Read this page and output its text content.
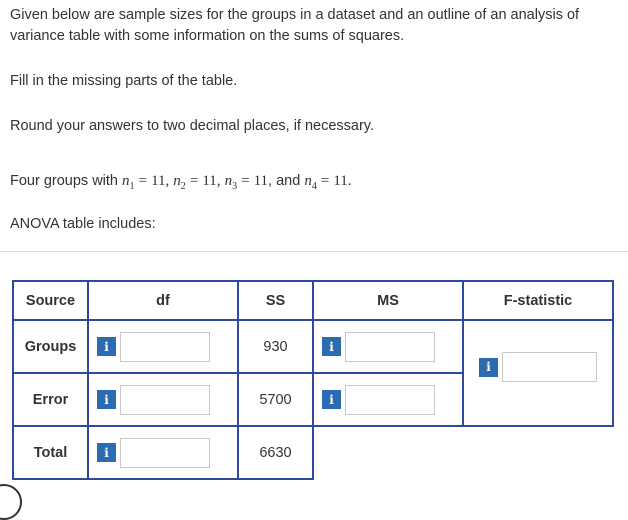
Given below are sample sizes for the groups in a dataset and an outline of an analysis of variance table with some information on the sums of squares.

Fill in the missing parts of the table.

Round your answers to two decimal places, if necessary.

Four groups with $n_1 = 11$, $n_2 = 11$, $n_3 = 11$, and $n_4 = 11$.

ANOVA table includes:

Source	df	SS	MS	F-statistic
Groups	i	930	i	i

Error	i	5700	i	

Total	i	6630		
